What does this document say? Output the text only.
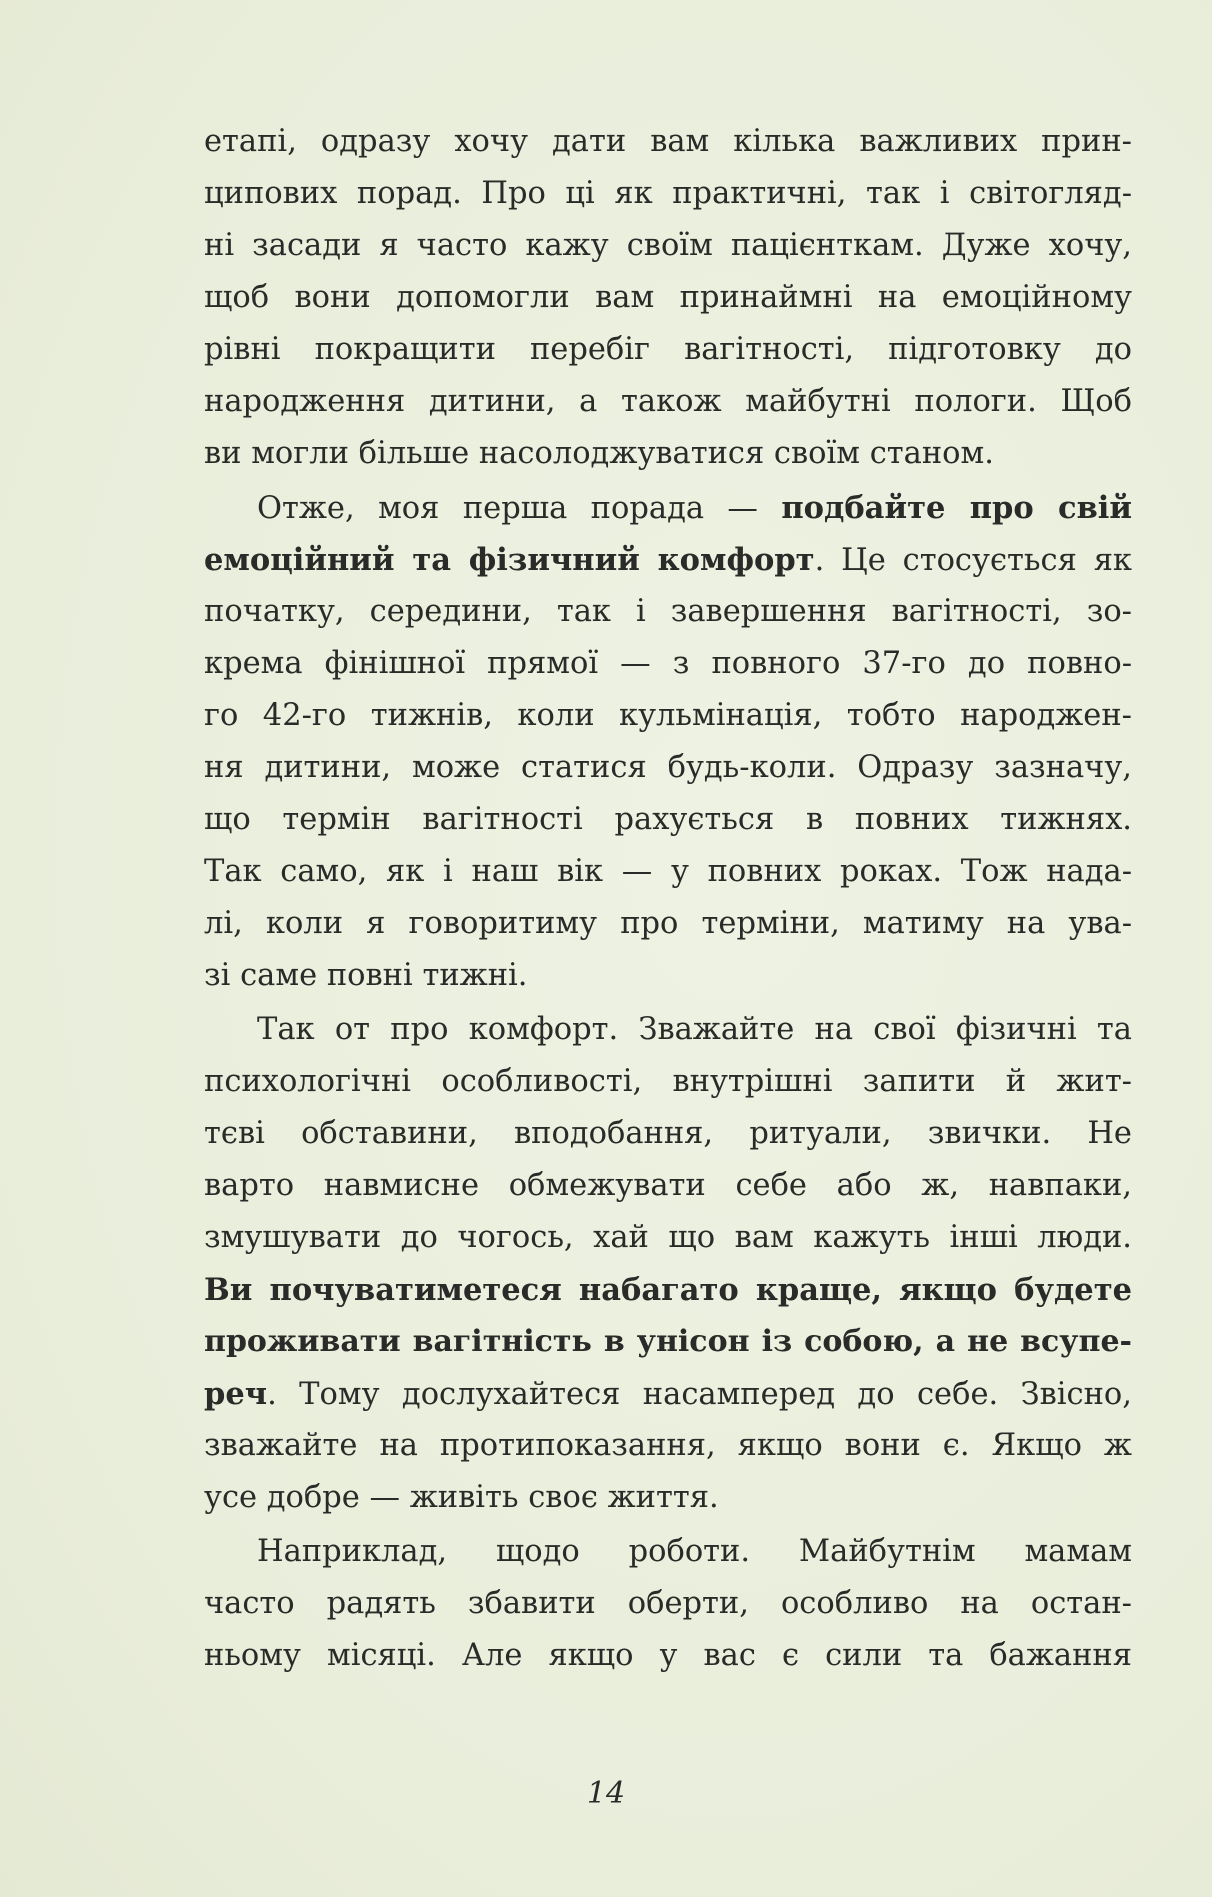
етапі, одразу хочу дати вам кілька важливих прин-
ципових порад. Про ці як практичні, так і світогляд-
ні засади я часто кажу своїм пацієнткам. Дуже хочу,
щоб вони допомогли вам принаймні на емоційному
рівні покращити перебіг вагітності, підготовку до
народження дитини, а також майбутні пологи. Щоб
ви могли більше насолоджуватися своїм станом.
Отже, моя перша порада — подбайте про свій
емоційний та фізичний комфорт. Це стосується як
початку, середини, так і завершення вагітності, зо-
крема фінішної прямої — з повного 37-го до повно-
го 42-го тижнів, коли кульмінація, тобто народжен-
ня дитини, може статися будь-коли. Одразу зазначу,
що термін вагітності рахується в повних тижнях.
Так само, як і наш вік — у повних роках. Тож нада-
лі, коли я говоритиму про терміни, матиму на ува-
зі саме повні тижні.
Так от про комфорт. Зважайте на свої фізичні та
психологічні особливості, внутрішні запити й жит-
тєві обставини, вподобання, ритуали, звички. Не
варто навмисне обмежувати себе або ж, навпаки,
змушувати до чогось, хай що вам кажуть інші люди.
Ви почуватиметеся набагато краще, якщо будете
проживати вагітність в унісон із собою, а не всупе-
реч. Тому дослухайтеся насамперед до себе. Звісно,
зважайте на протипоказання, якщо вони є. Якщо ж
усе добре — живіть своє життя.
Наприклад, щодо роботи. Майбутнім мамам
часто радять збавити оберти, особливо на остан-
ньому місяці. Але якщо у вас є сили та бажання
14
